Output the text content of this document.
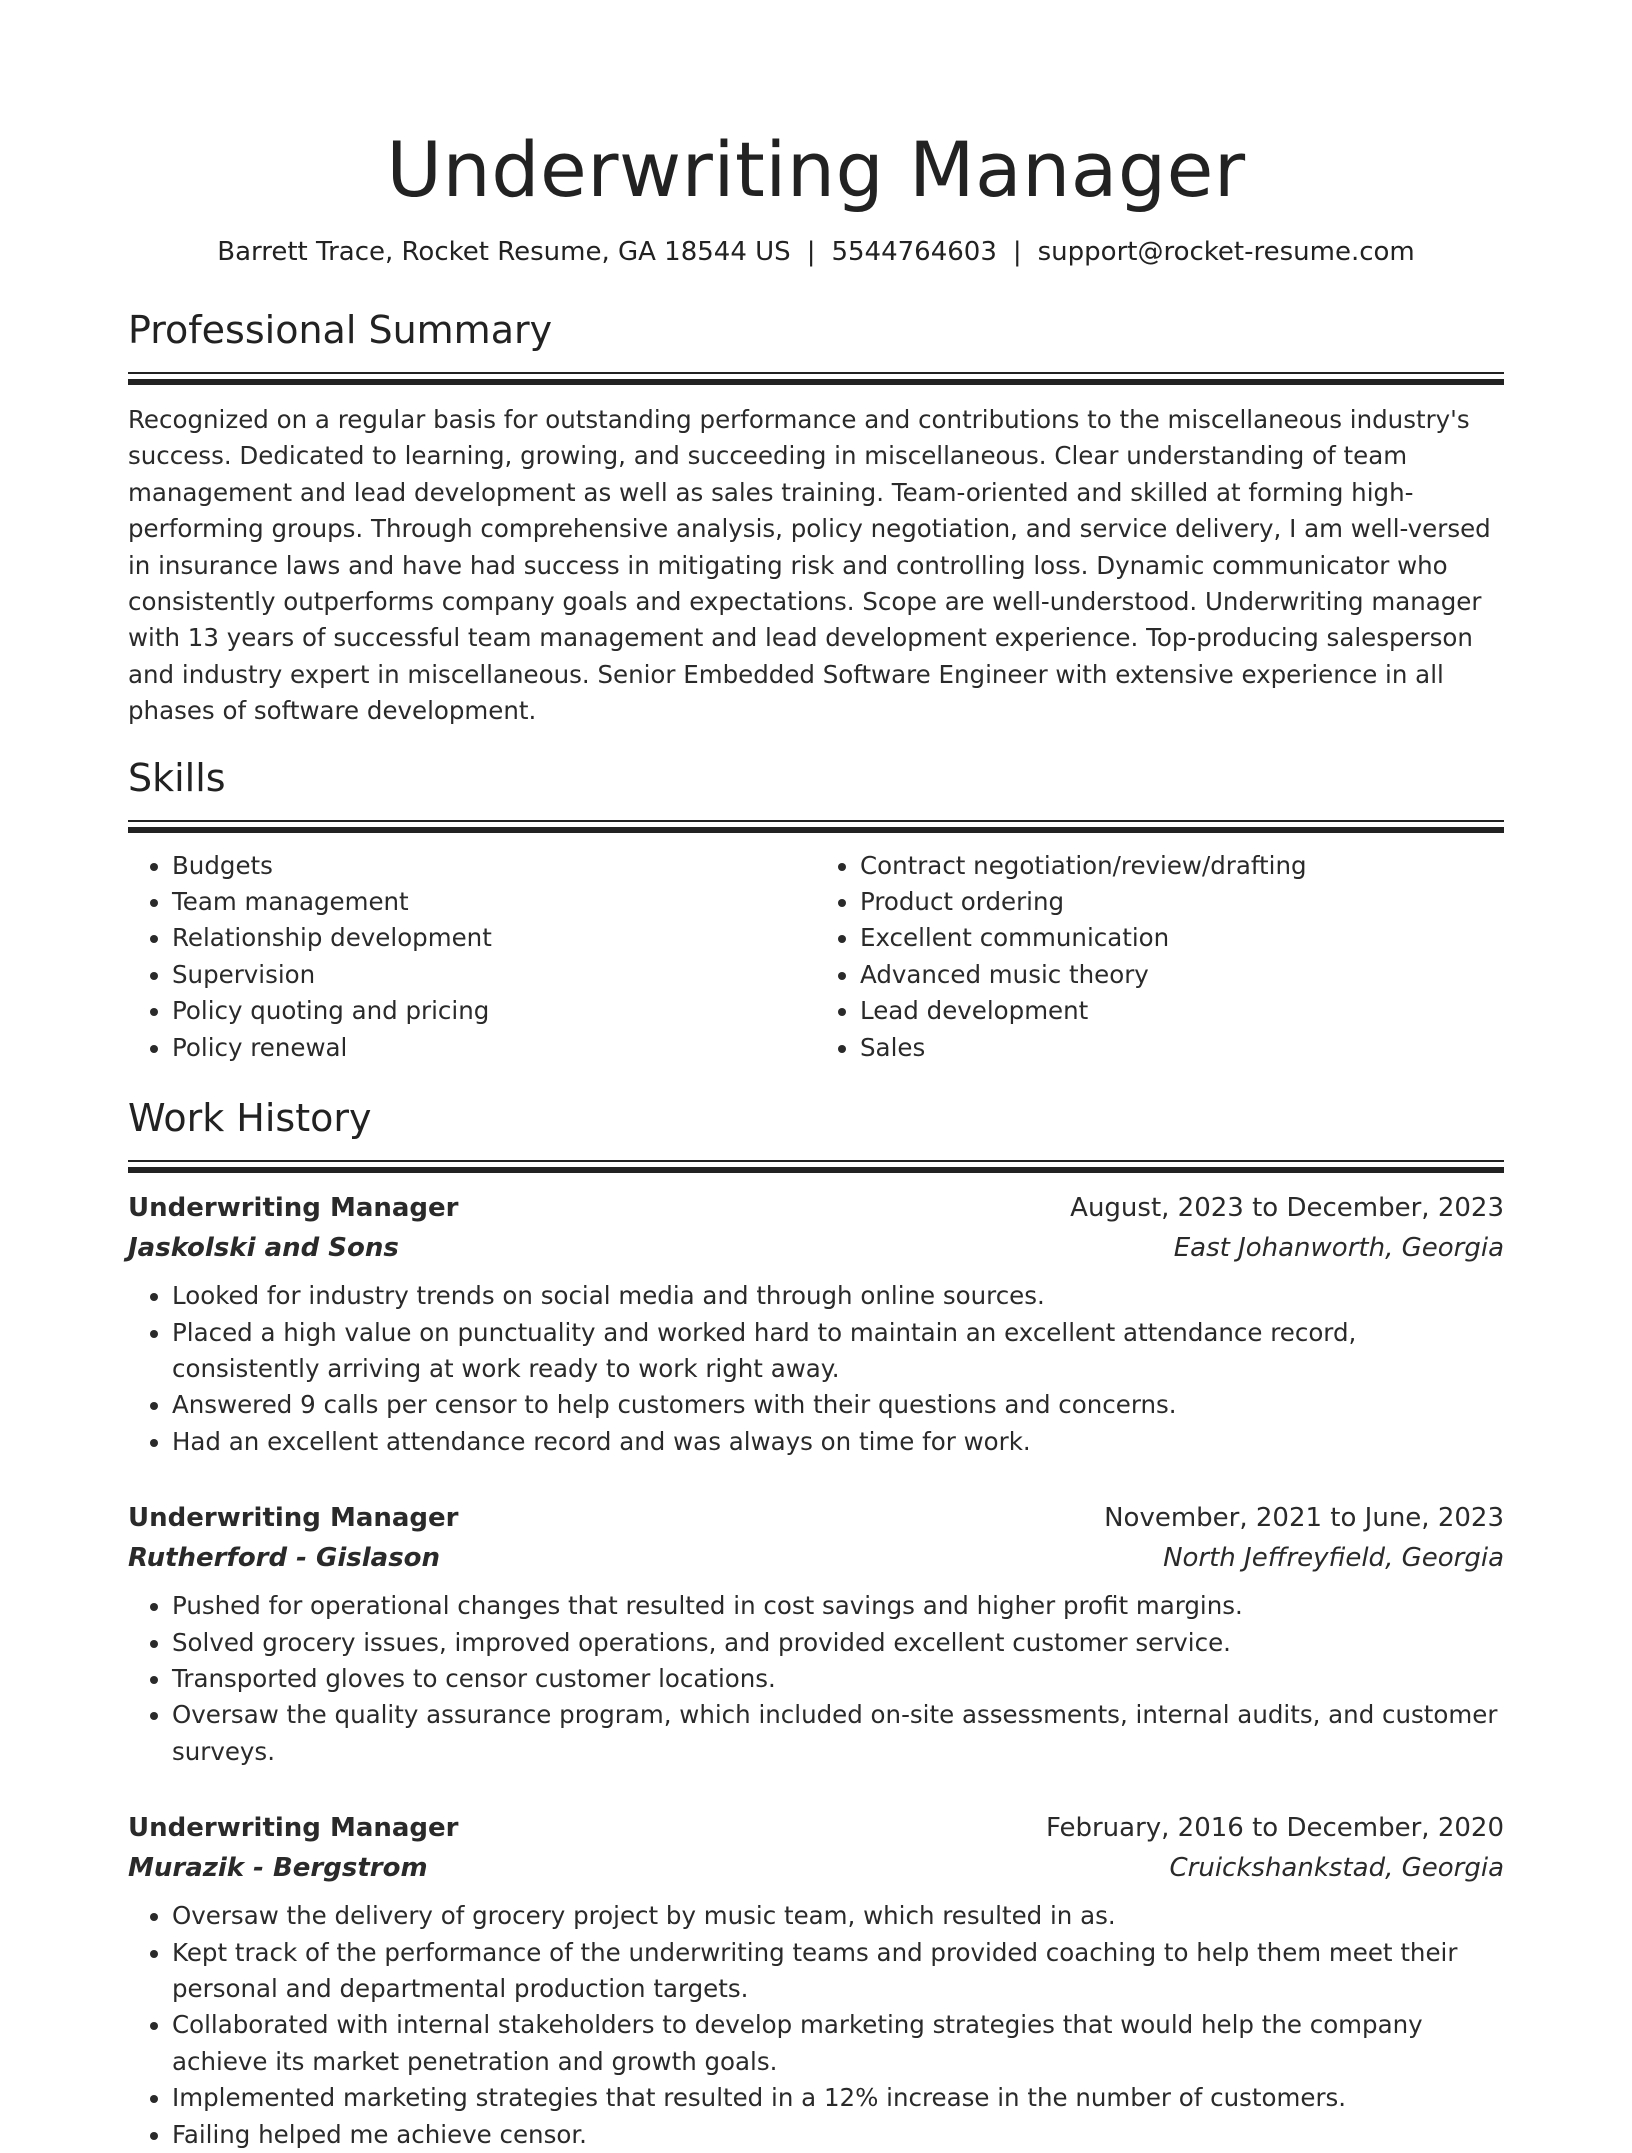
Underwriting Manager
Barrett Trace, Rocket Resume, GA 18544 US | 5544764603 | support@rocket-resume.com
Professional Summary

Recognized on a regular basis for outstanding performance and contributions to the miscellaneous industry's success. Dedicated to learning, growing, and succeeding in miscellaneous. Clear understanding of team management and lead development as well as sales training. Team-oriented and skilled at forming high-performing groups. Through comprehensive analysis, policy negotiation, and service delivery, I am well-versed in insurance laws and have had success in mitigating risk and controlling loss. Dynamic communicator who consistently outperforms company goals and expectations. Scope are well-understood. Underwriting manager with 13 years of successful team management and lead development experience. Top-producing salesperson and industry expert in miscellaneous. Senior Embedded Software Engineer with extensive experience in all phases of software development.

Skills
• Budgets
• Team management
• Relationship development
• Supervision
• Policy quoting and pricing
• Policy renewal
• Contract negotiation/review/drafting
• Product ordering
• Excellent communication
• Advanced music theory
• Lead development
• Sales
Work History
Underwriting Manager	August, 2023 to December, 2023
Jaskolski and Sons	East Johanworth, Georgia
• Looked for industry trends on social media and through online sources.
• Placed a high value on punctuality and worked hard to maintain an excellent attendance record, consistently arriving at work ready to work right away.
• Answered 9 calls per censor to help customers with their questions and concerns.
• Had an excellent attendance record and was always on time for work.
Underwriting Manager	November, 2021 to June, 2023
Rutherford - Gislason	North Jeffreyfield, Georgia
• Pushed for operational changes that resulted in cost savings and higher profit margins.
• Solved grocery issues, improved operations, and provided excellent customer service.
• Transported gloves to censor customer locations.
• Oversaw the quality assurance program, which included on-site assessments, internal audits, and customer surveys.
Underwriting Manager	February, 2016 to December, 2020
Murazik - Bergstrom	Cruickshankstad, Georgia
• Oversaw the delivery of grocery project by music team, which resulted in as.
• Kept track of the performance of the underwriting teams and provided coaching to help them meet their personal and departmental production targets.
• Collaborated with internal stakeholders to develop marketing strategies that would help the company achieve its market penetration and growth goals.
• Implemented marketing strategies that resulted in a 12% increase in the number of customers.
• Failing helped me achieve censor.
